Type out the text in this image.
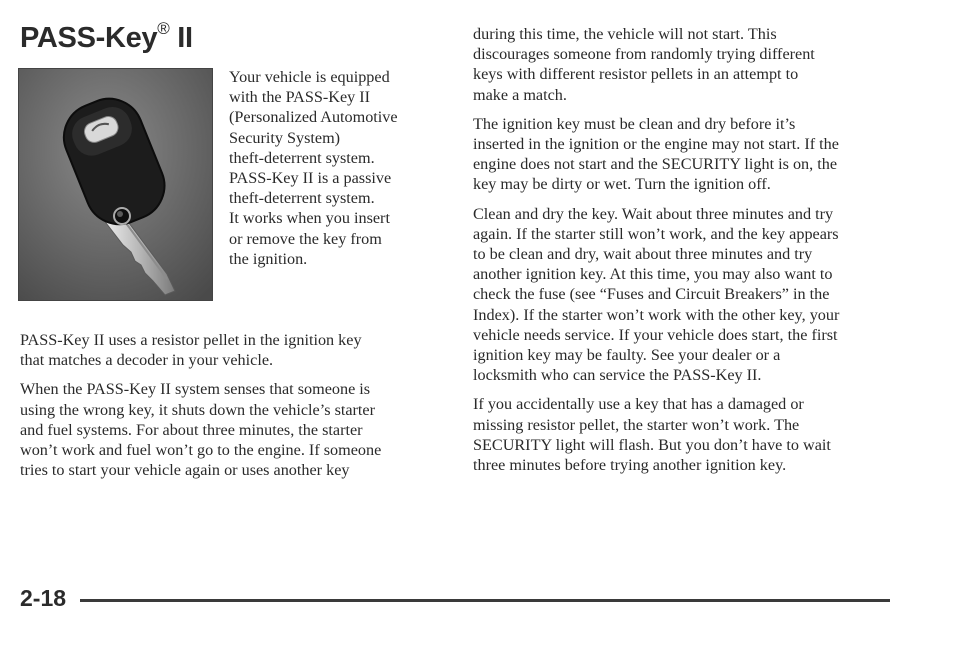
PASS-Key® II
Your vehicle is equipped
with the PASS-Key II
(Personalized Automotive
Security System)
theft-deterrent system.
PASS-Key II is a passive
theft-deterrent system.
It works when you insert
or remove the key from
the ignition.

PASS-Key II uses a resistor pellet in the ignition key
that matches a decoder in your vehicle.

When the PASS-Key II system senses that someone is
using the wrong key, it shuts down the vehicle’s starter
and fuel systems. For about three minutes, the starter
won’t work and fuel won’t go to the engine. If someone
tries to start your vehicle again or uses another key

during this time, the vehicle will not start. This
discourages someone from randomly trying different
keys with different resistor pellets in an attempt to
make a match.

The ignition key must be clean and dry before it’s
inserted in the ignition or the engine may not start. If the
engine does not start and the SECURITY light is on, the
key may be dirty or wet. Turn the ignition off.

Clean and dry the key. Wait about three minutes and try
again. If the starter still won’t work, and the key appears
to be clean and dry, wait about three minutes and try
another ignition key. At this time, you may also want to
check the fuse (see “Fuses and Circuit Breakers” in the
Index). If the starter won’t work with the other key, your
vehicle needs service. If your vehicle does start, the first
ignition key may be faulty. See your dealer or a
locksmith who can service the PASS-Key II.

If you accidentally use a key that has a damaged or
missing resistor pellet, the starter won’t work. The
SECURITY light will flash. But you don’t have to wait
three minutes before trying another ignition key.

2-18
